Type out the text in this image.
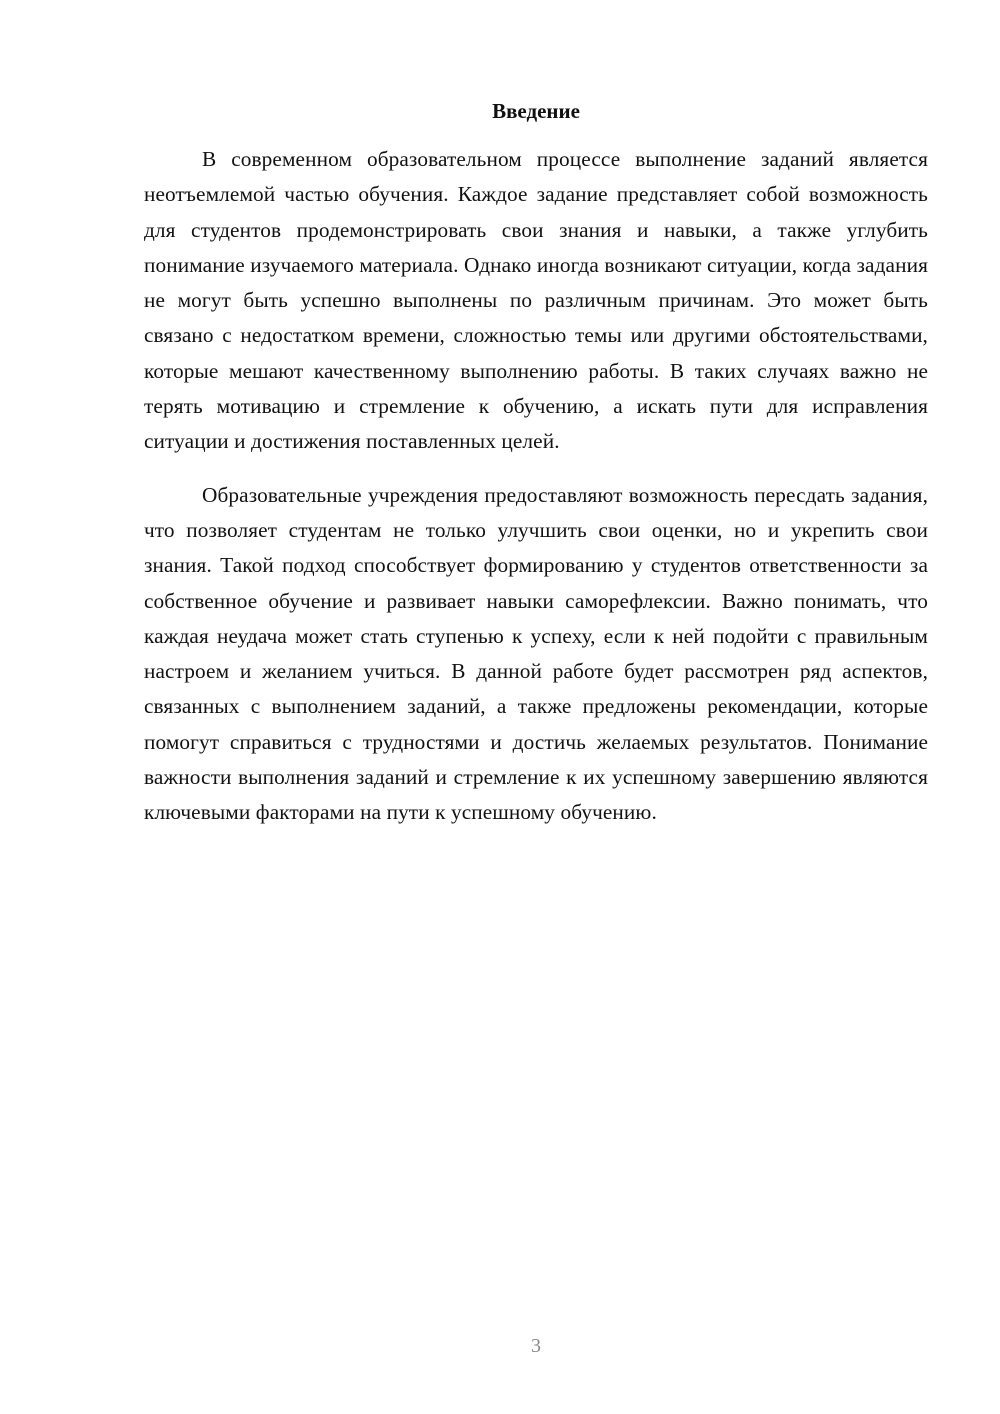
Введение

В современном образовательном процессе выполнение заданий является неотъемлемой частью обучения. Каждое задание представляет собой возможность для студентов продемонстрировать свои знания и навыки, а также углубить понимание изучаемого материала. Однако иногда возникают ситуации, когда задания не могут быть успешно выполнены по различным причинам. Это может быть связано с недостатком времени, сложностью темы или другими обстоятельствами, которые мешают качественному выполнению работы. В таких случаях важно не терять мотивацию и стремление к обучению, а искать пути для исправления ситуации и достижения поставленных целей.

Образовательные учреждения предоставляют возможность пересдать задания, что позволяет студентам не только улучшить свои оценки, но и укрепить свои знания. Такой подход способствует формированию у студентов ответственности за собственное обучение и развивает навыки саморефлексии. Важно понимать, что каждая неудача может стать ступенью к успеху, если к ней подойти с правильным настроем и желанием учиться. В данной работе будет рассмотрен ряд аспектов, связанных с выполнением заданий, а также предложены рекомендации, которые помогут справиться с трудностями и достичь желаемых результатов. Понимание важности выполнения заданий и стремление к их успешному завершению являются ключевыми факторами на пути к успешному обучению.

3
